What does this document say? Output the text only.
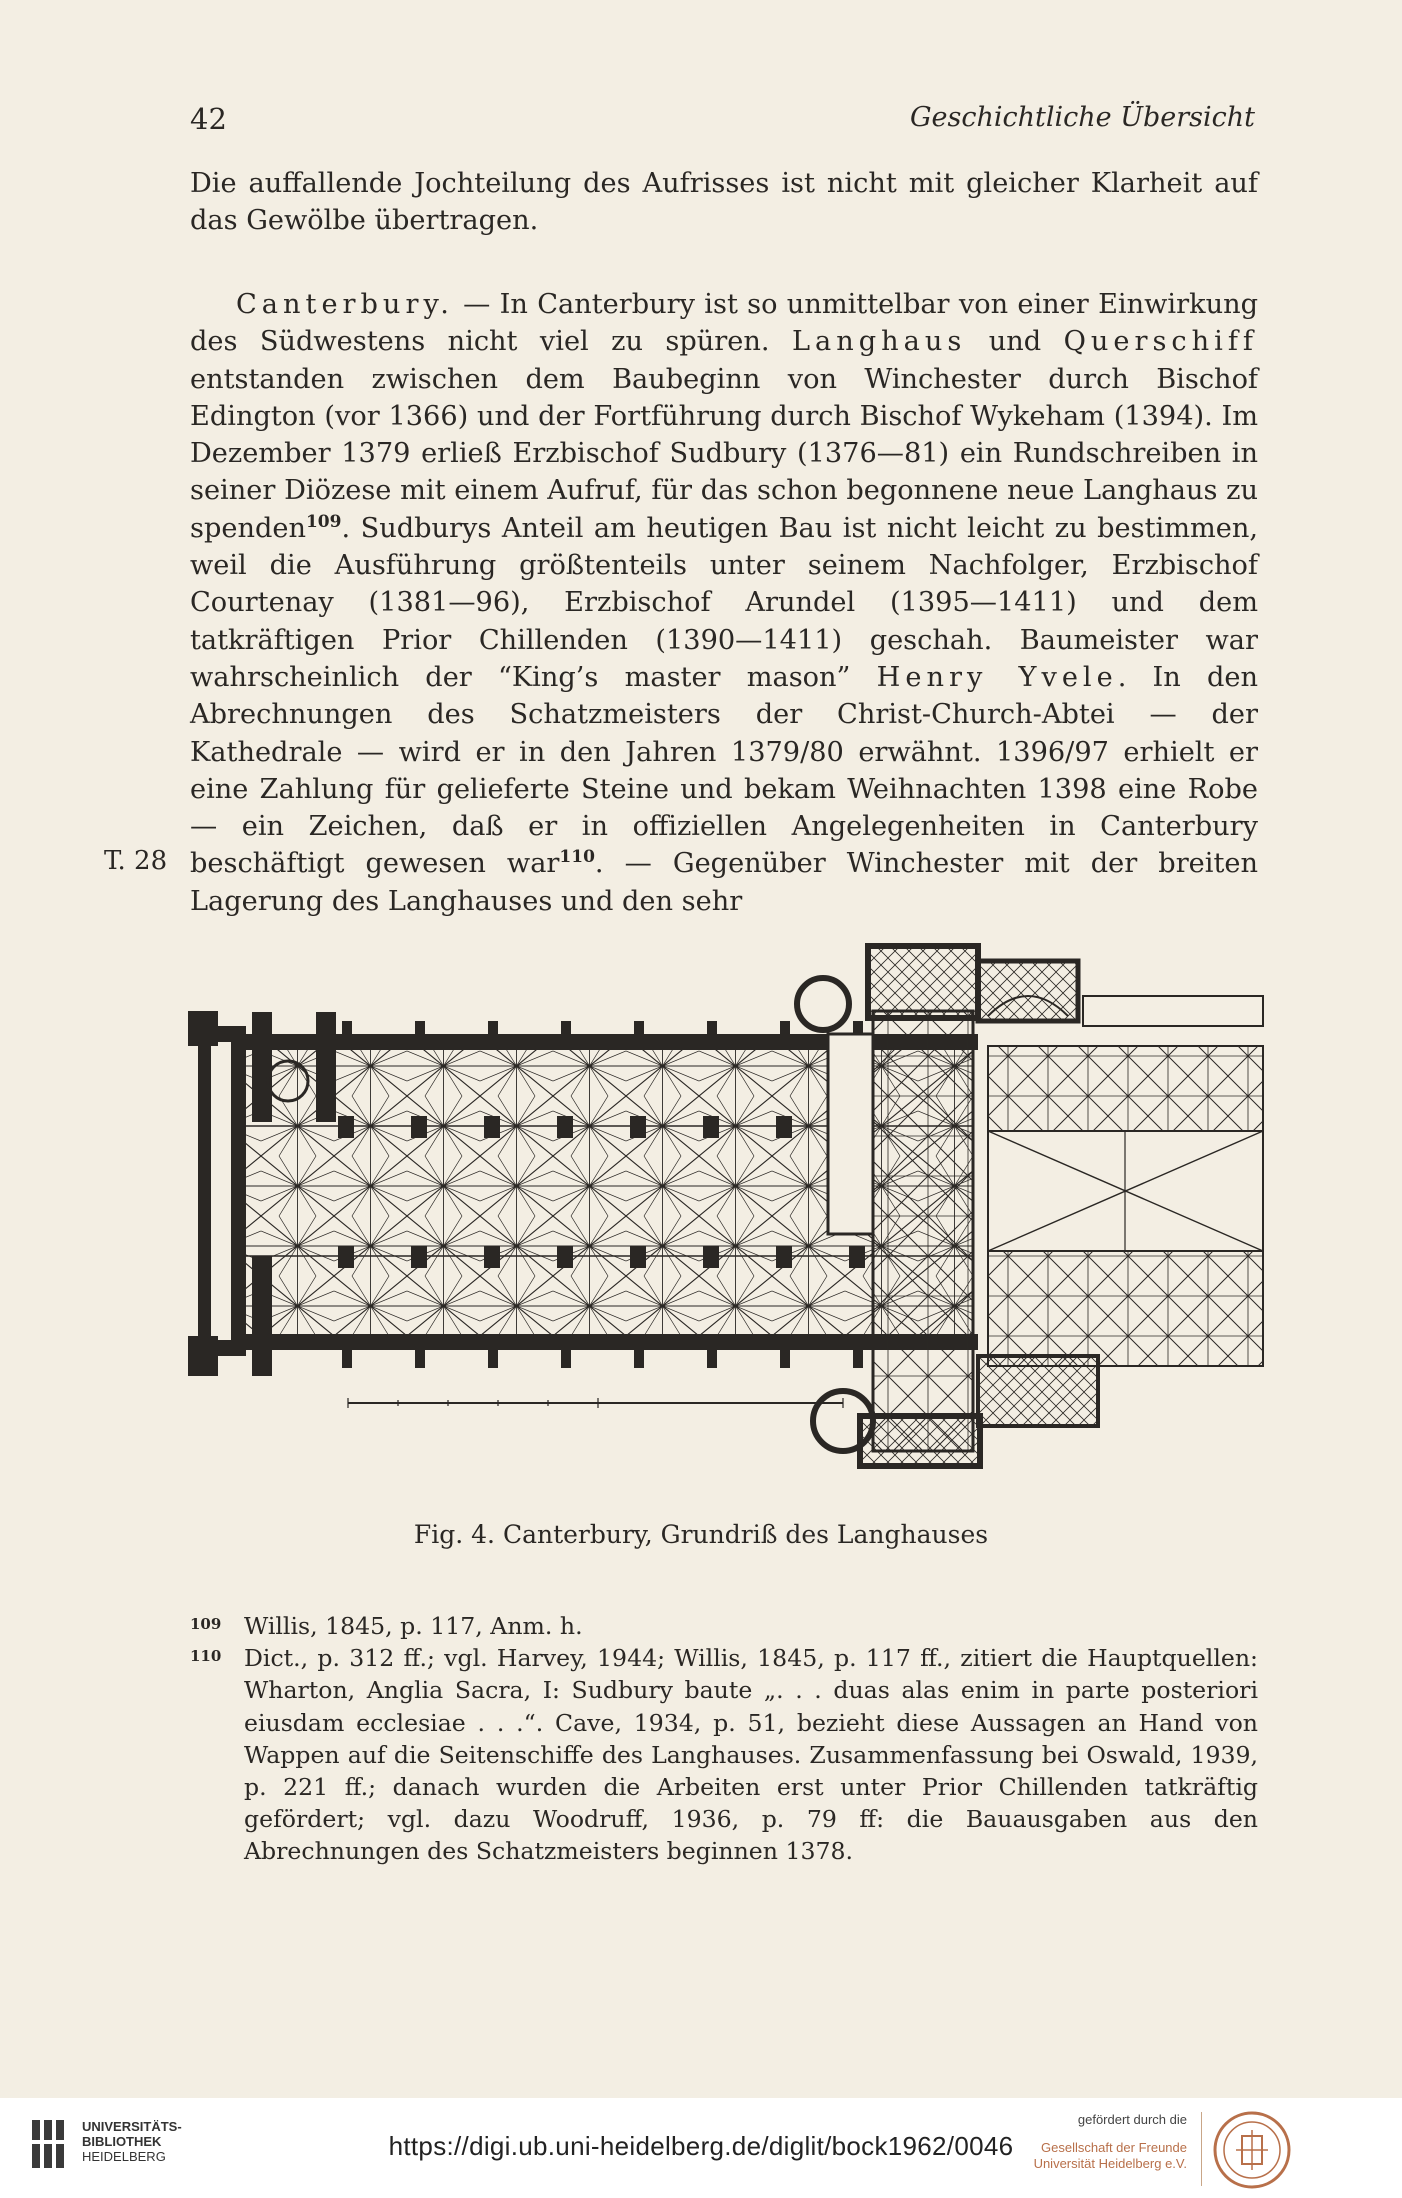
42	Geschichtliche Übersicht

Die auffallende Jochteilung des Aufrisses ist nicht mit gleicher Klarheit auf das Gewölbe übertragen.

Canterbury. — In Canterbury ist so unmittelbar von einer Einwirkung des Südwestens nicht viel zu spüren. Langhaus und Querschiff entstanden zwischen dem Baubeginn von Winchester durch Bischof Edington (vor 1366) und der Fortführung durch Bischof Wykeham (1394). Im Dezember 1379 erließ Erzbischof Sudbury (1376—81) ein Rundschreiben in seiner Diözese mit einem Aufruf, für das schon begonnene neue Langhaus zu spenden$^{109}$. Sudburys Anteil am heutigen Bau ist nicht leicht zu bestimmen, weil die Ausführung größtenteils unter seinem Nachfolger, Erzbischof Courtenay (1381—96), Erzbischof Arundel (1395—1411) und dem tatkräftigen Prior Chillenden (1390—1411) geschah. Baumeister war wahrscheinlich der “King’s master mason” Henry Yvele. In den Abrechnungen des Schatzmeisters der Christ-Church-Abtei — der Kathedrale — wird er in den Jahren 1379/80 erwähnt. 1396/97 erhielt er eine Zahlung für gelieferte Steine und bekam Weihnachten 1398 eine Robe — ein Zeichen, daß er in offiziellen Angelegenheiten in Canterbury beschäftigt gewesen war$^{110}$. — Gegenüber Winchester mit der breiten Lagerung des Langhauses und den sehr

T. 28
Fig. 4. Canterbury, Grundriß des Langhauses

109 Willis, 1845, p. 117, Anm. h.

110 Dict., p. 312 ff.; vgl. Harvey, 1944; Willis, 1845, p. 117 ff., zitiert die Hauptquellen: Wharton, Anglia Sacra, I: Sudbury baute „. . . duas alas enim in parte posteriori eiusdam ecclesiae . . .“. Cave, 1934, p. 51, bezieht diese Aussagen an Hand von Wappen auf die Seitenschiffe des Langhauses. Zusammenfassung bei Oswald, 1939, p. 221 ff.; danach wurden die Arbeiten erst unter Prior Chillenden tatkräftig gefördert; vgl. dazu Woodruff, 1936, p. 79 ff: die Bauausgaben aus den Abrechnungen des Schatzmeisters beginnen 1378.

UNIVERSITÄTS-
BIBLIOTHEK
HEIDELBERG	https://digi.ub.uni-heidelberg.de/diglit/bock1962/0046
gefördert durch die
Gesellschaft der Freunde
Universität Heidelberg e.V.
